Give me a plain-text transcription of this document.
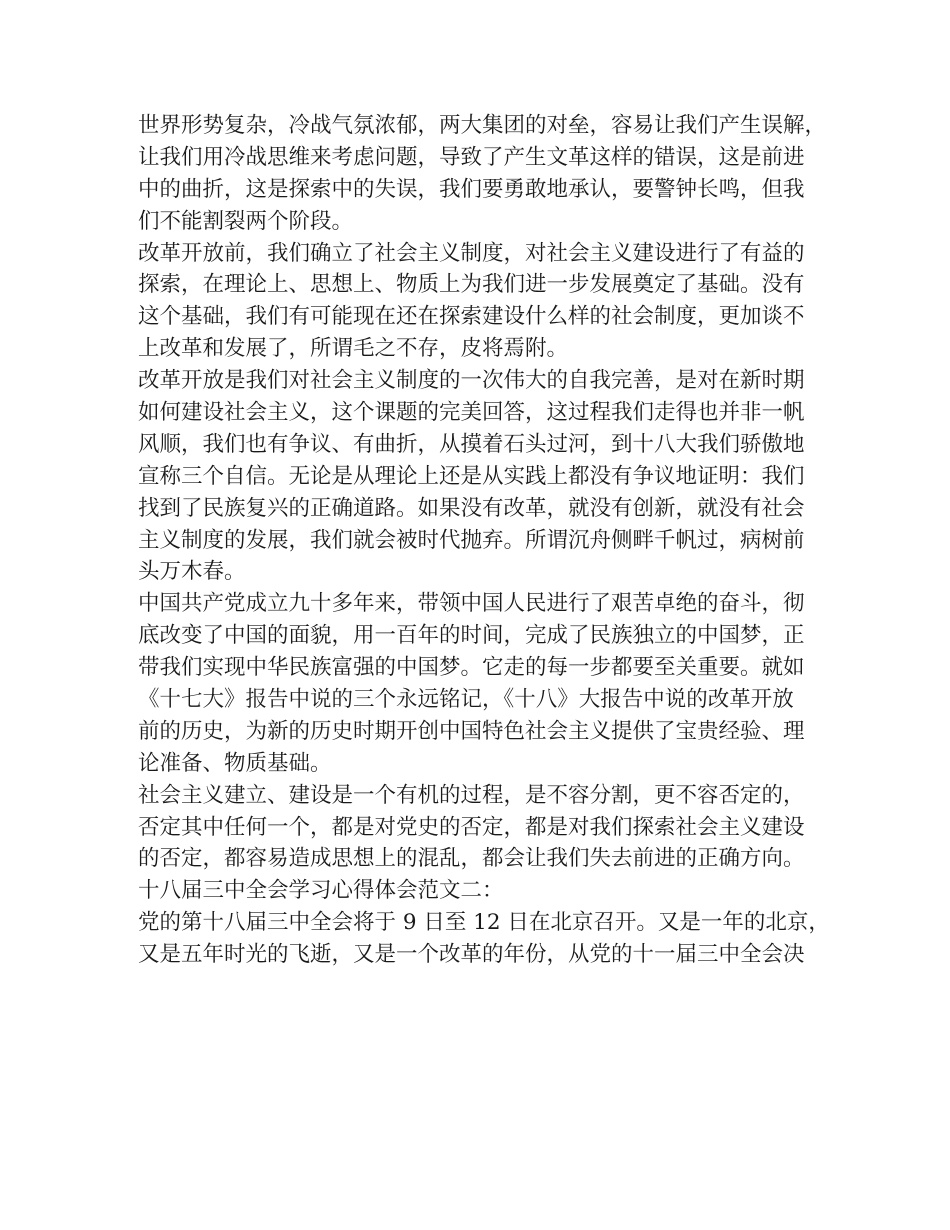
世界形势复杂，冷战气氛浓郁，两大集团的对垒，容易让我们产生误解，
让我们用冷战思维来考虑问题，导致了产生文革这样的错误，这是前进
中的曲折，这是探索中的失误，我们要勇敢地承认，要警钟长鸣，但我
们不能割裂两个阶段。
改革开放前，我们确立了社会主义制度，对社会主义建设进行了有益的
探索，在理论上、思想上、物质上为我们进一步发展奠定了基础。没有
这个基础，我们有可能现在还在探索建设什么样的社会制度，更加谈不
上改革和发展了，所谓毛之不存，皮将焉附。
改革开放是我们对社会主义制度的一次伟大的自我完善，是对在新时期
如何建设社会主义，这个课题的完美回答，这过程我们走得也并非一帆
风顺，我们也有争议、有曲折，从摸着石头过河，到十八大我们骄傲地
宣称三个自信。无论是从理论上还是从实践上都没有争议地证明：我们
找到了民族复兴的正确道路。如果没有改革，就没有创新，就没有社会
主义制度的发展，我们就会被时代抛弃。所谓沉舟侧畔千帆过，病树前
头万木春。
中国共产党成立九十多年来，带领中国人民进行了艰苦卓绝的奋斗，彻
底改变了中国的面貌，用一百年的时间，完成了民族独立的中国梦，正
带我们实现中华民族富强的中国梦。它走的每一步都要至关重要。就如
《十七大》报告中说的三个永远铭记，《十八》大报告中说的改革开放
前的历史，为新的历史时期开创中国特色社会主义提供了宝贵经验、理
论准备、物质基础。
社会主义建立、建设是一个有机的过程，是不容分割，更不容否定的，
否定其中任何一个，都是对党史的否定，都是对我们探索社会主义建设
的否定，都容易造成思想上的混乱，都会让我们失去前进的正确方向。
十八届三中全会学习心得体会范文二：
党的第十八届三中全会将于 9 日至 12 日在北京召开。又是一年的北京，
又是五年时光的飞逝，又是一个改革的年份，从党的十一届三中全会决
